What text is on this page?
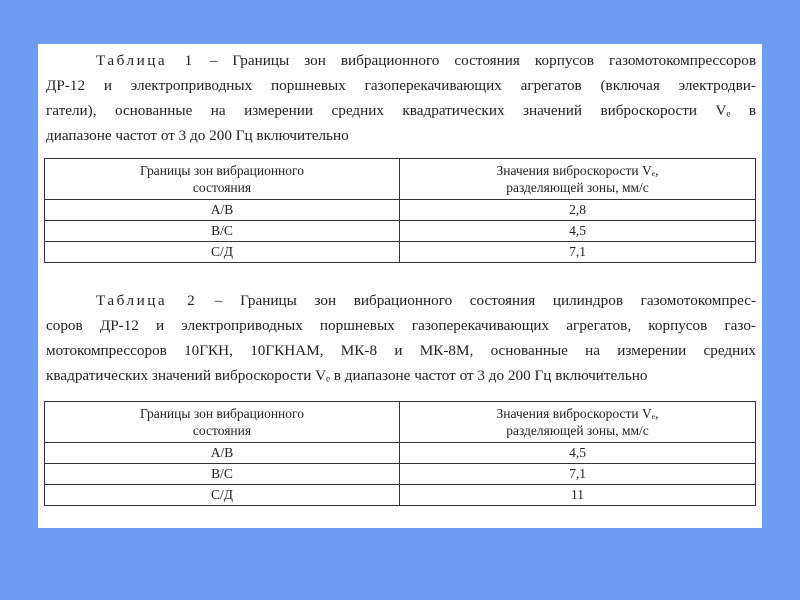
Таблица 1 – Границы зон вибрационного состояния корпусов газомотокомпрессоров
ДР-12 и электроприводных поршневых газоперекачивающих агрегатов (включая электродви-
гатели), основанные на измерении средних квадратических значений виброскорости Vₑ в
диапазоне частот от 3 до 200 Гц включительно
Границы зон вибрационного
состояния	Значения виброскорости Vₑ,
разделяющей зоны, мм/с
А/В	2,8
В/С	4,5
С/Д	7,1
Таблица 2 – Границы зон вибрационного состояния цилиндров газомотокомпрес-
соров ДР-12 и электроприводных поршневых газоперекачивающих агрегатов, корпусов газо-
мотокомпрессоров 10ГКН, 10ГКНАМ, МК-8 и МК-8М, основанные на измерении средних
квадратических значений виброскорости Vₑ в диапазоне частот от 3 до 200 Гц включительно
Границы зон вибрационного
состояния	Значения виброскорости Vₑ,
разделяющей зоны, мм/с
А/В	4,5
В/С	7,1
С/Д	11
